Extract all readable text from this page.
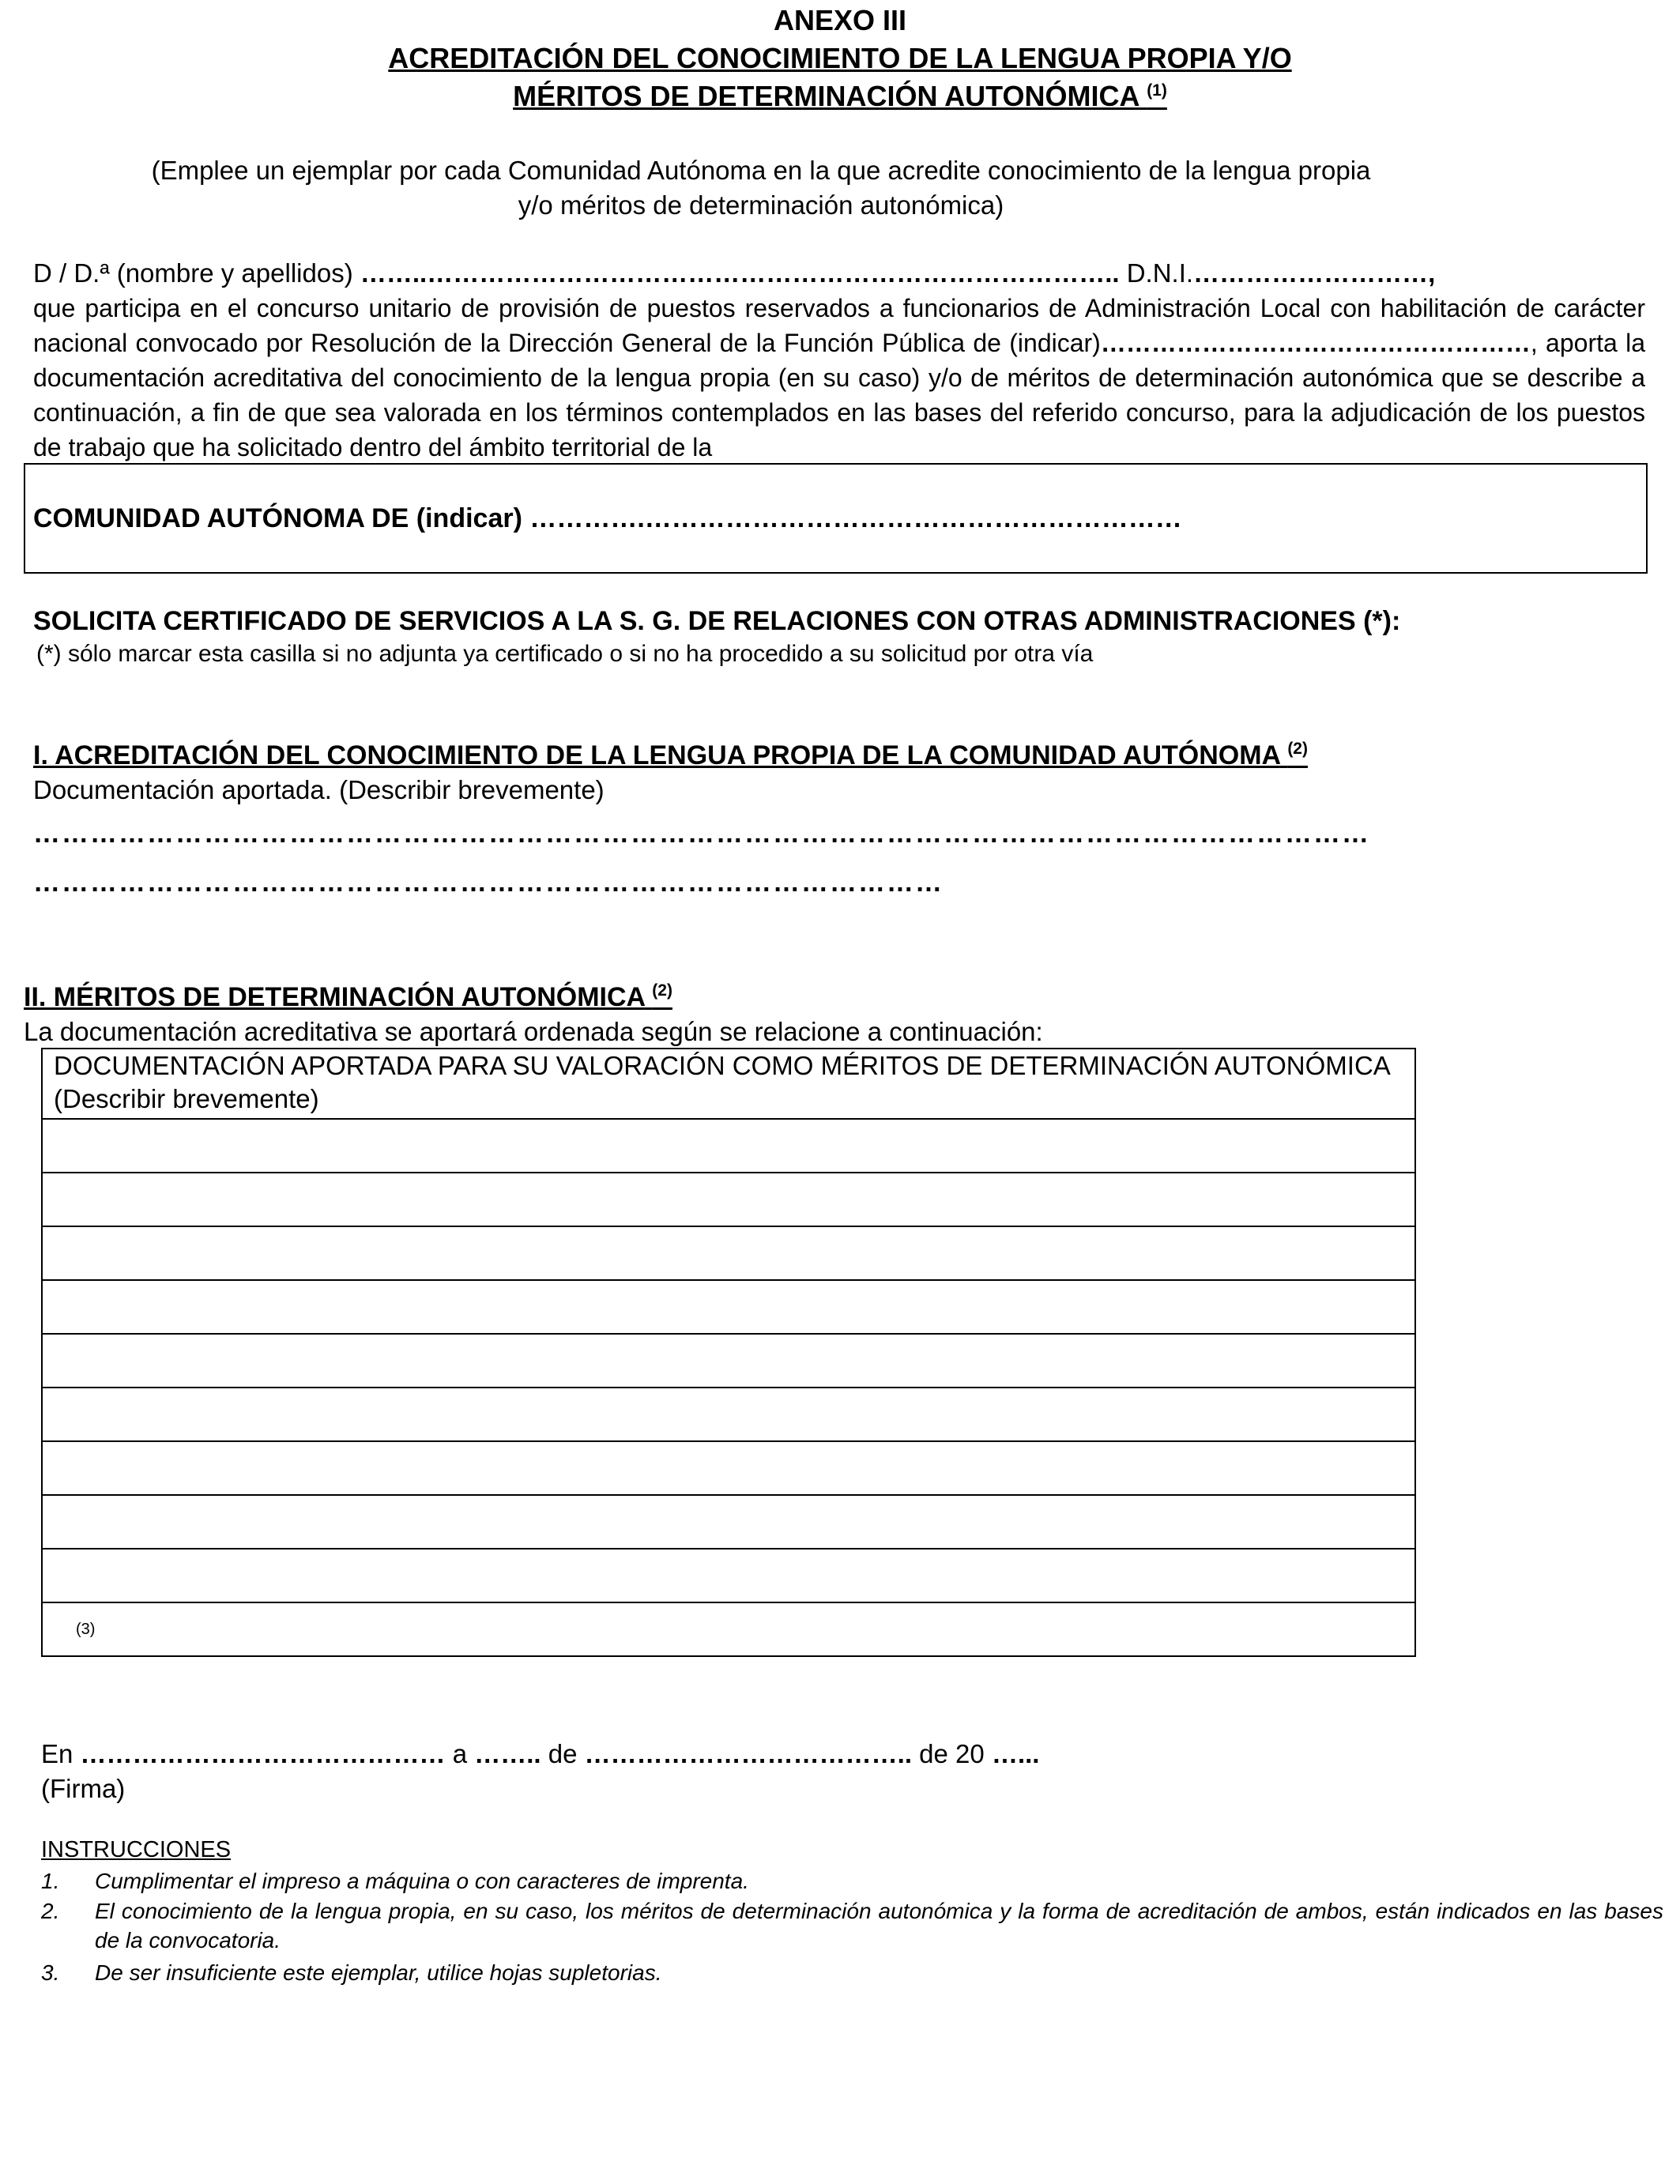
ANEXO III
ACREDITACIÓN DEL CONOCIMIENTO DE LA LENGUA PROPIA Y/O
MÉRITOS DE DETERMINACIÓN AUTONÓMICA $^{(1)}$
(Emplee un ejemplar por cada Comunidad Autónoma en la que acredite conocimiento de la lengua propia
y/o méritos de determinación autonómica)
D / D.ª (nombre y apellidos) ……..…………………………………………………………………….. D.N.I.………………………,
que participa en el concurso unitario de provisión de puestos reservados a funcionarios de Administración Local con habilitación de carácter nacional convocado por Resolución de la Dirección General de la Función Pública de (indicar)……………………………………………, aporta la documentación acreditativa del conocimiento de la lengua propia (en su caso) y/o de méritos de determinación autonómica que se describe a continuación, a fin de que sea valorada en los términos contemplados en las bases del referido concurso, para la adjudicación de los puestos de trabajo que ha solicitado dentro del ámbito territorial de la
COMUNIDAD AUTÓNOMA DE (indicar) ………….……………………………………………………
SOLICITA CERTIFICADO DE SERVICIOS A LA S. G. DE RELACIONES CON OTRAS ADMINISTRACIONES (*):
(*) sólo marcar esta casilla si no adjunta ya certificado o si no ha procedido a su solicitud por otra vía
I. ACREDITACIÓN DEL CONOCIMIENTO DE LA LENGUA PROPIA DE LA COMUNIDAD AUTÓNOMA $^{(2)}$
Documentación aportada. (Describir brevemente)
……………………………………………………………………………………………………………………………
……………………………………………………………………………………
II. MÉRITOS DE DETERMINACIÓN AUTONÓMICA $^{(2)}$
La documentación acreditativa se aportará ordenada según se relacione a continuación:
DOCUMENTACIÓN APORTADA PARA SU VALORACIÓN COMO MÉRITOS DE DETERMINACIÓN AUTONÓMICA
(Describir brevemente)

(3)
En …………………………………… a …….. de ……………………………….. de 20 …...
(Firma)
INSTRUCCIONES
1.	Cumplimentar el impreso a máquina o con caracteres de imprenta.
2.	El conocimiento de la lengua propia, en su caso, los méritos de determinación autonómica y la forma de acreditación de ambos, están indicados en las bases de la convocatoria.
3.	De ser insuficiente este ejemplar, utilice hojas supletorias.
